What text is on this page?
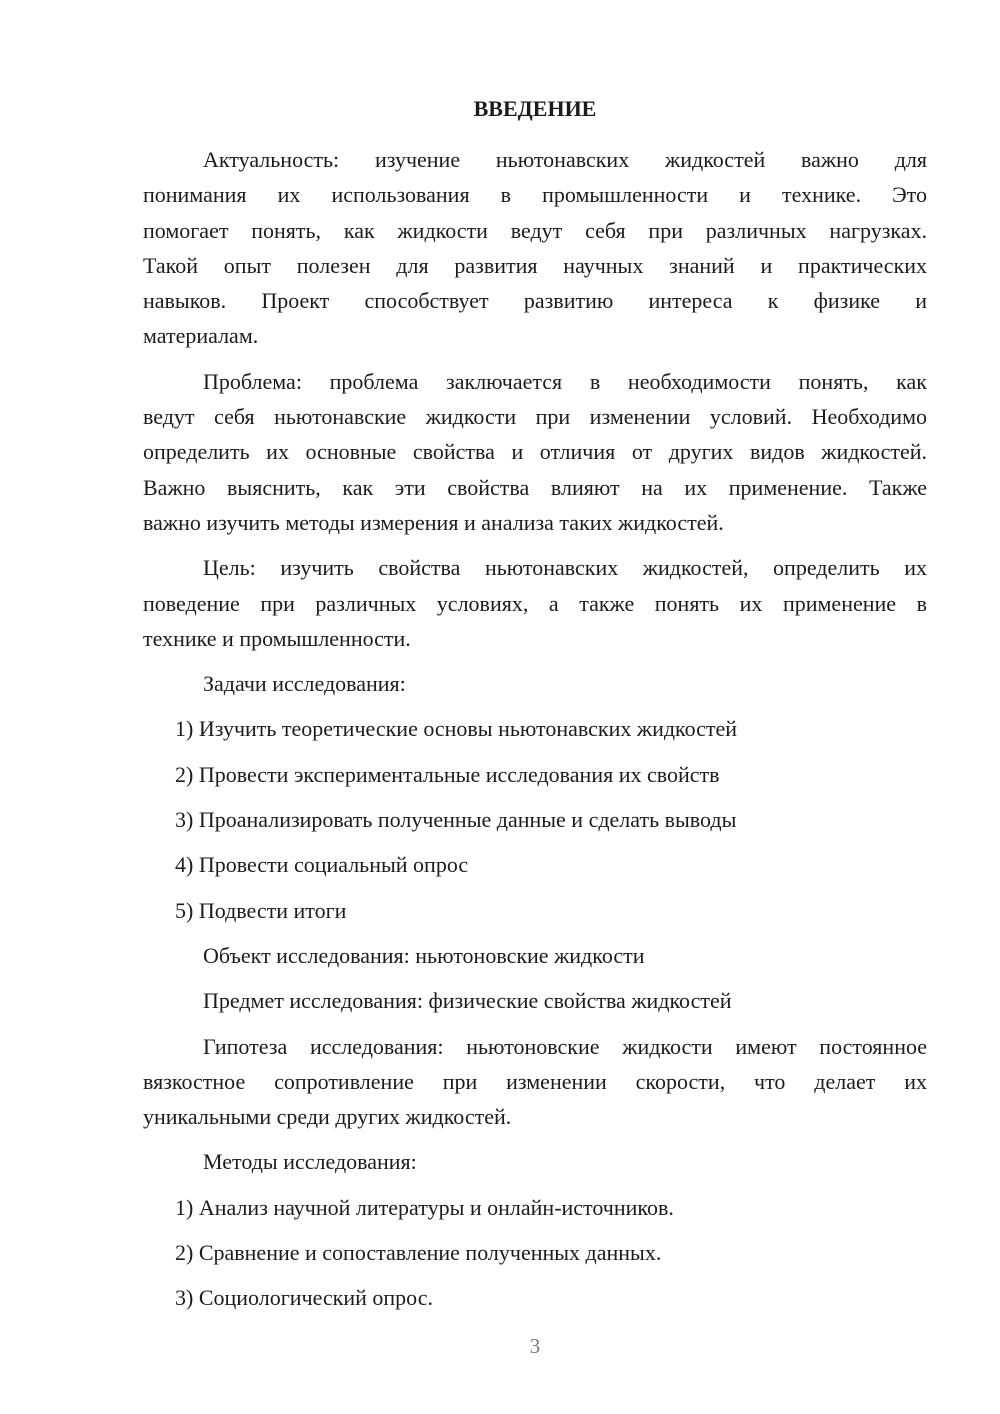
ВВЕДЕНИЕ
Актуальность: изучение ньютонавских жидкостей важно для
понимания их использования в промышленности и технике. Это
помогает понять, как жидкости ведут себя при различных нагрузках.
Такой опыт полезен для развития научных знаний и практических
навыков. Проект способствует развитию интереса к физике и
материалам.
Проблема: проблема заключается в необходимости понять, как
ведут себя ньютонавские жидкости при изменении условий. Необходимо
определить их основные свойства и отличия от других видов жидкостей.
Важно выяснить, как эти свойства влияют на их применение. Также
важно изучить методы измерения и анализа таких жидкостей.
Цель: изучить свойства ньютонавских жидкостей, определить их
поведение при различных условиях, а также понять их применение в
технике и промышленности.
Задачи исследования:
1) Изучить теоретические основы ньютонавских жидкостей
2) Провести экспериментальные исследования их свойств
3) Проанализировать полученные данные и сделать выводы
4) Провести социальный опрос
5) Подвести итоги
Объект исследования: ньютоновские жидкости
Предмет исследования: физические свойства жидкостей
Гипотеза исследования: ньютоновские жидкости имеют постоянное
вязкостное сопротивление при изменении скорости, что делает их
уникальными среди других жидкостей.
Методы исследования:
1) Анализ научной литературы и онлайн-источников.
2) Сравнение и сопоставление полученных данных.
3) Социологический опрос.
3
